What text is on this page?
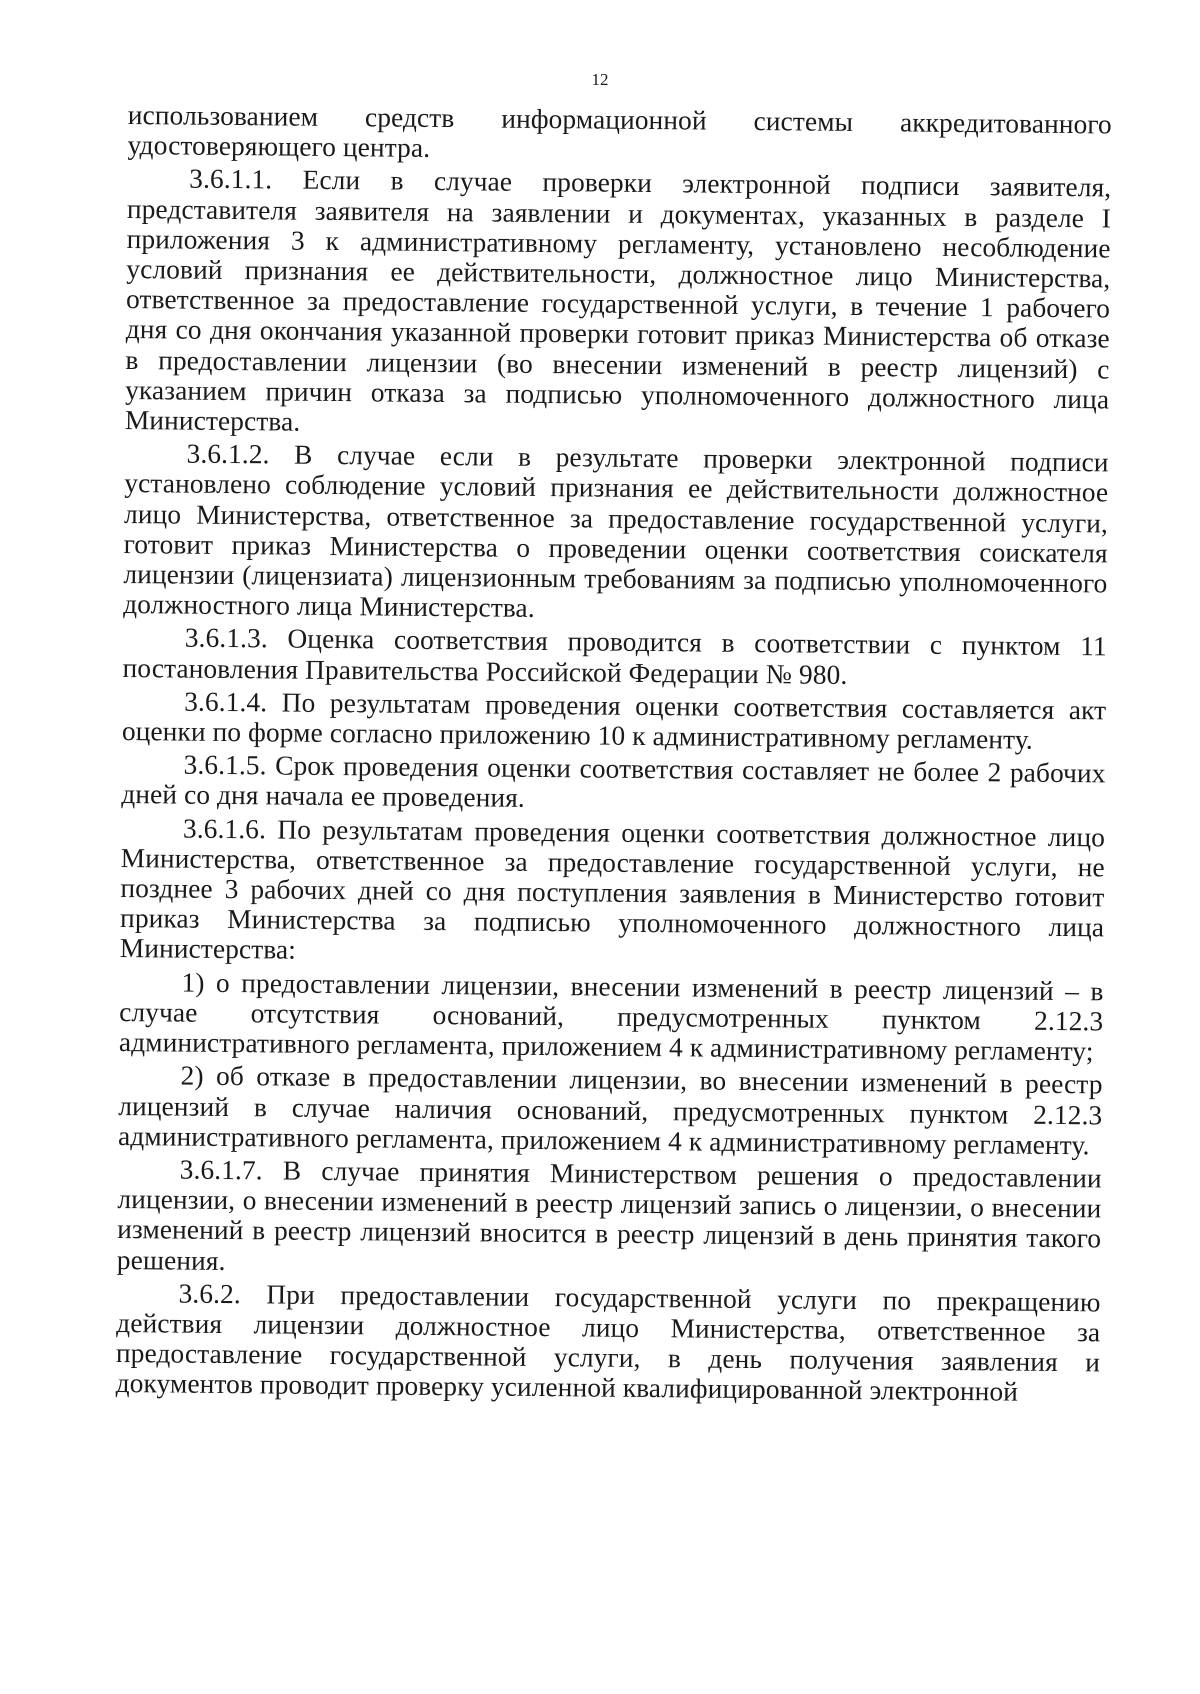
12

использованием средств информационной системы аккредитованного удостоверяющего центра.

3.6.1.1. Если в случае проверки электронной подписи заявителя, представителя заявителя на заявлении и документах, указанных в разделе I приложения 3 к административному регламенту, установлено несоблюдение условий признания ее действительности, должностное лицо Министерства, ответственное за предоставление государственной услуги, в течение 1 рабочего дня со дня окончания указанной проверки готовит приказ Министерства об отказе в предоставлении лицензии (во внесении изменений в реестр лицензий) с указанием причин отказа за подписью уполномоченного должностного лица Министерства.

3.6.1.2. В случае если в результате проверки электронной подписи установлено соблюдение условий признания ее действительности должностное лицо Министерства, ответственное за предоставление государственной услуги, готовит приказ Министерства о проведении оценки соответствия соискателя лицензии (лицензиата) лицензионным требованиям за подписью уполномоченного должностного лица Министерства.

3.6.1.3. Оценка соответствия проводится в соответствии с пунктом 11 постановления Правительства Российской Федерации № 980.

3.6.1.4. По результатам проведения оценки соответствия составляется акт оценки по форме согласно приложению 10 к административному регламенту.

3.6.1.5. Срок проведения оценки соответствия составляет не более 2 рабочих дней со дня начала ее проведения.

3.6.1.6. По результатам проведения оценки соответствия должностное лицо Министерства, ответственное за предоставление государственной услуги, не позднее 3 рабочих дней со дня поступления заявления в Министерство готовит приказ Министерства за подписью уполномоченного должностного лица Министерства:

1) о предоставлении лицензии, внесении изменений в реестр лицензий – в случае отсутствия оснований, предусмотренных пунктом 2.12.3 административного регламента, приложением 4 к административному регламенту;

2) об отказе в предоставлении лицензии, во внесении изменений в реестр лицензий в случае наличия оснований, предусмотренных пунктом 2.12.3 административного регламента, приложением 4 к административному регламенту.

3.6.1.7. В случае принятия Министерством решения о предоставлении лицензии, о внесении изменений в реестр лицензий запись о лицензии, о внесении изменений в реестр лицензий вносится в реестр лицензий в день принятия такого решения.

3.6.2. При предоставлении государственной услуги по прекращению действия лицензии должностное лицо Министерства, ответственное за предоставление государственной услуги, в день получения заявления и документов проводит проверку усиленной квалифицированной электронной
